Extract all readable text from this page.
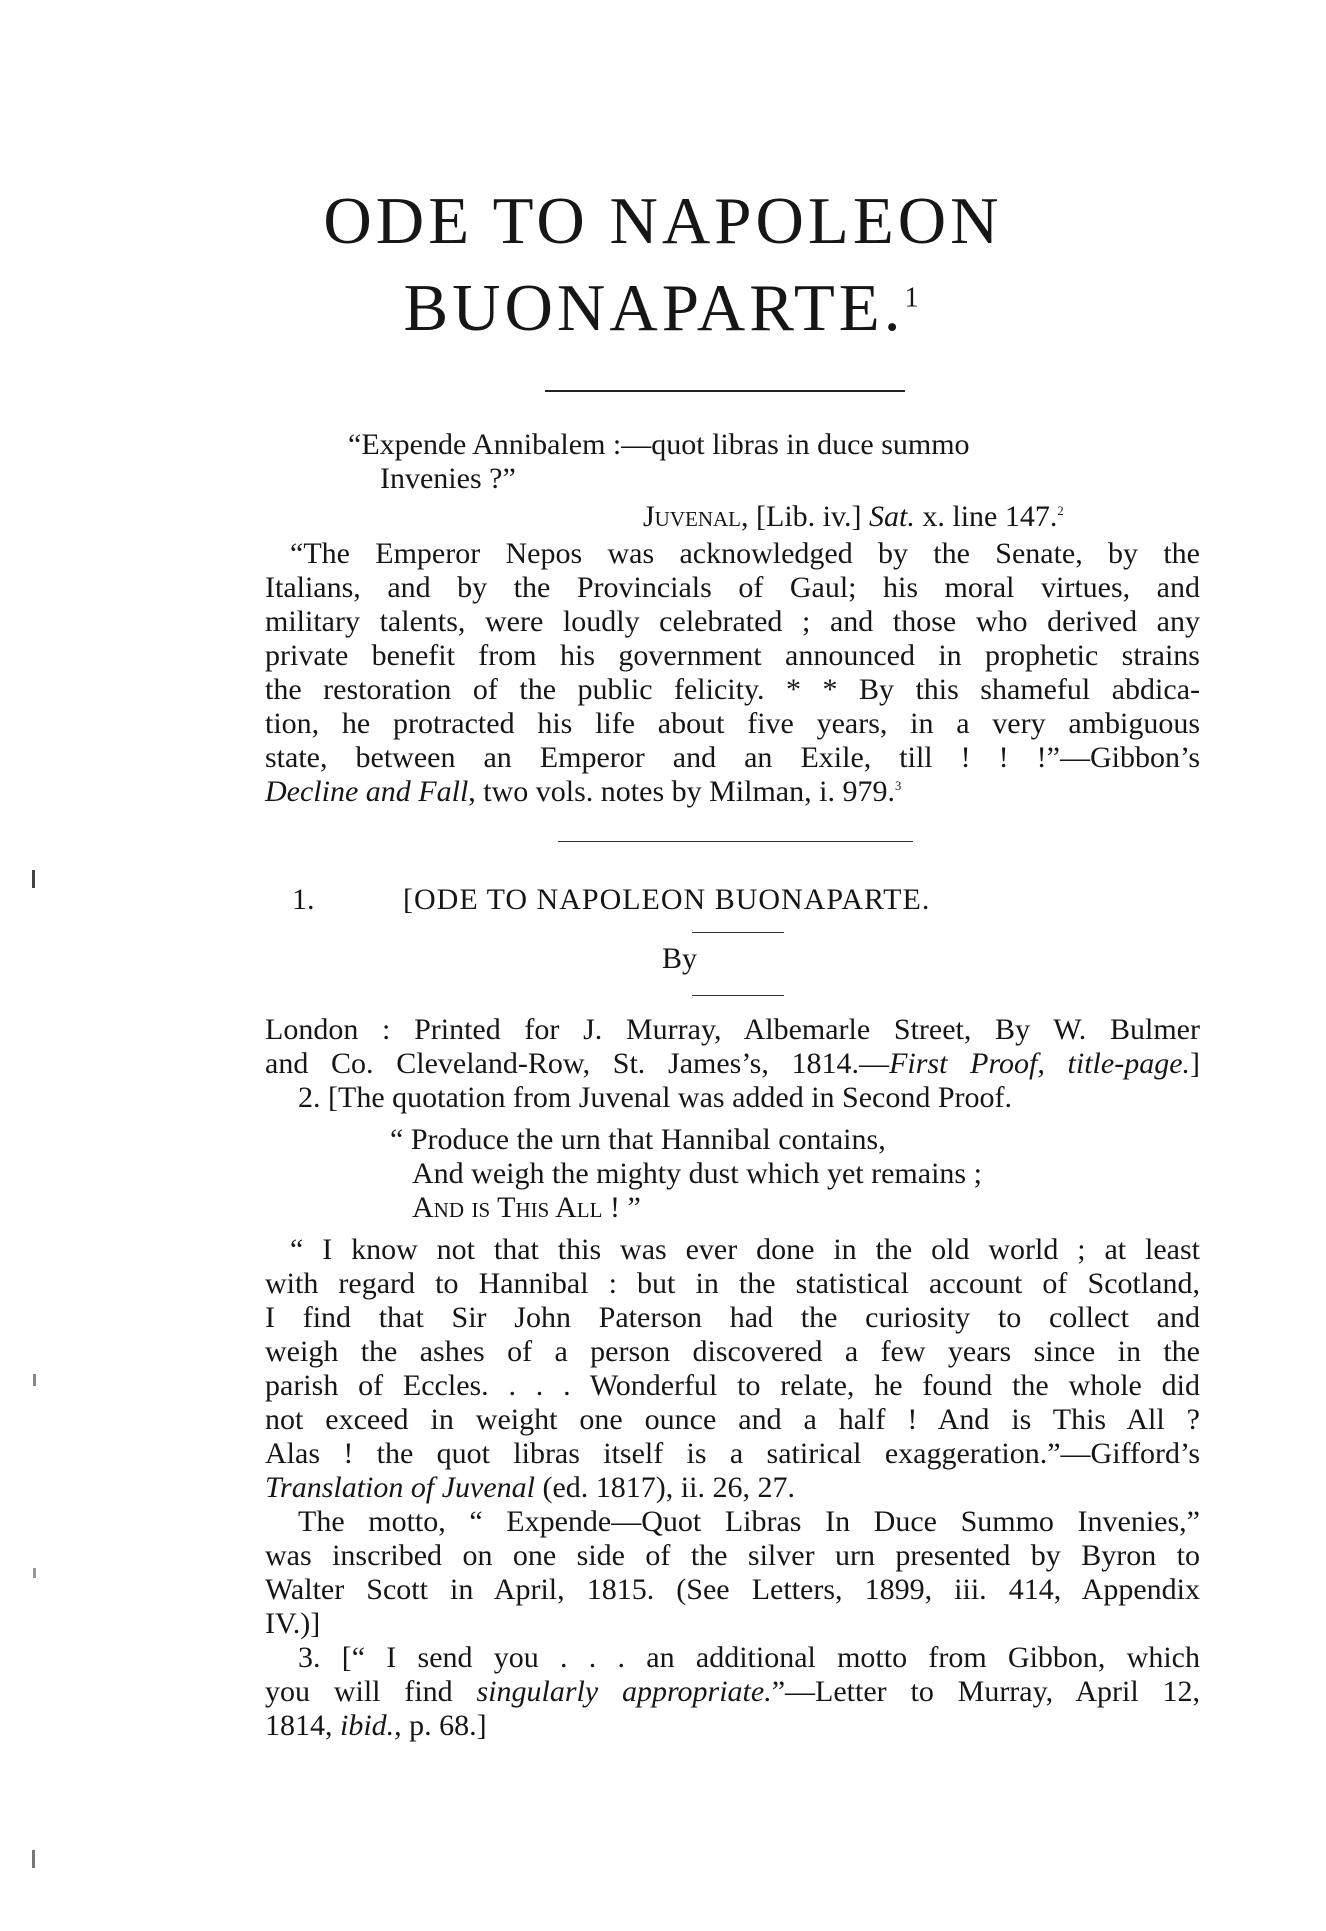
ODE TO NAPOLEON
BUONAPARTE.$^1$
“Expende Annibalem :—quot libras in duce summo
Invenies ?”
Juvenal, [Lib. iv.] Sat. x. line 147.$^2$
“The Emperor Nepos was acknowledged by the Senate, by the
Italians, and by the Provincials of Gaul; his moral virtues, and
military talents, were loudly celebrated ; and those who derived any
private benefit from his government announced in prophetic strains
the restoration of the public felicity. * * By this shameful abdica-
tion, he protracted his life about five years, in a very ambiguous
state, between an Emperor and an Exile, till ! ! !”—Gibbon’s
Decline and Fall, two vols. notes by Milman, i. 979.$^3$
1.	[ODE TO NAPOLEON BUONAPARTE.
By
London : Printed for J. Murray, Albemarle Street, By W. Bulmer
and Co. Cleveland-Row, St. James’s, 1814.—First Proof, title-page.]
2. [The quotation from Juvenal was added in Second Proof.
“ Produce the urn that Hannibal contains,
And weigh the mighty dust which yet remains ;
And is This All ! ”
“ I know not that this was ever done in the old world ; at least
with regard to Hannibal : but in the statistical account of Scotland,
I find that Sir John Paterson had the curiosity to collect and
weigh the ashes of a person discovered a few years since in the
parish of Eccles. . . . Wonderful to relate, he found the whole did
not exceed in weight one ounce and a half ! And is This All ?
Alas ! the quot libras itself is a satirical exaggeration.”—Gifford’s
Translation of Juvenal (ed. 1817), ii. 26, 27.
The motto, “ Expende—Quot Libras In Duce Summo Invenies,”
was inscribed on one side of the silver urn presented by Byron to
Walter Scott in April, 1815. (See Letters, 1899, iii. 414, Appendix
IV.)]
3. [“ I send you . . . an additional motto from Gibbon, which
you will find singularly appropriate.”—Letter to Murray, April 12,
1814, ibid., p. 68.]
